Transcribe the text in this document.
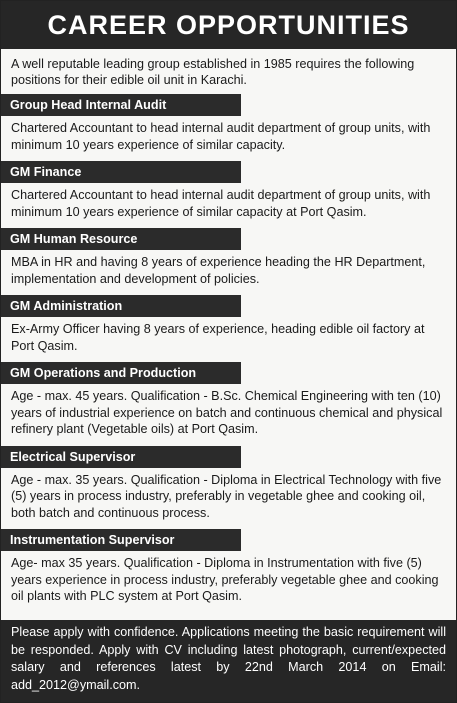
CAREER OPPORTUNITIES
A well reputable leading group established in 1985 requires the following positions for their edible oil unit in Karachi.
Group Head Internal Audit
Chartered Accountant to head internal audit department of group units, with minimum 10 years experience of similar capacity.
GM Finance
Chartered Accountant to head internal audit department of group units, with minimum 10 years experience of similar capacity at Port Qasim.
GM Human Resource
MBA in HR and having 8 years of experience heading the HR Department, implementation and development of policies.
GM Administration
Ex-Army Officer having 8 years of experience, heading edible oil factory at Port Qasim.
GM Operations and Production
Age - max. 45 years. Qualification - B.Sc. Chemical Engineering with ten (10) years of industrial experience on batch and continuous chemical and physical refinery plant (Vegetable oils) at Port Qasim.
Electrical Supervisor
Age - max. 35 years. Qualification - Diploma in Electrical Technology with five (5) years in process industry, preferably in vegetable ghee and cooking oil, both batch and continuous process.
Instrumentation Supervisor
Age- max 35 years. Qualification - Diploma in Instrumentation with five (5) years experience in process industry, preferably vegetable ghee and cooking oil plants with PLC system at Port Qasim.
Please apply with confidence. Applications meeting the basic requirement will be responded. Apply with CV including latest photograph, current/expected salary and references latest by 22nd March 2014 on Email: add_2012@ymail.com.
